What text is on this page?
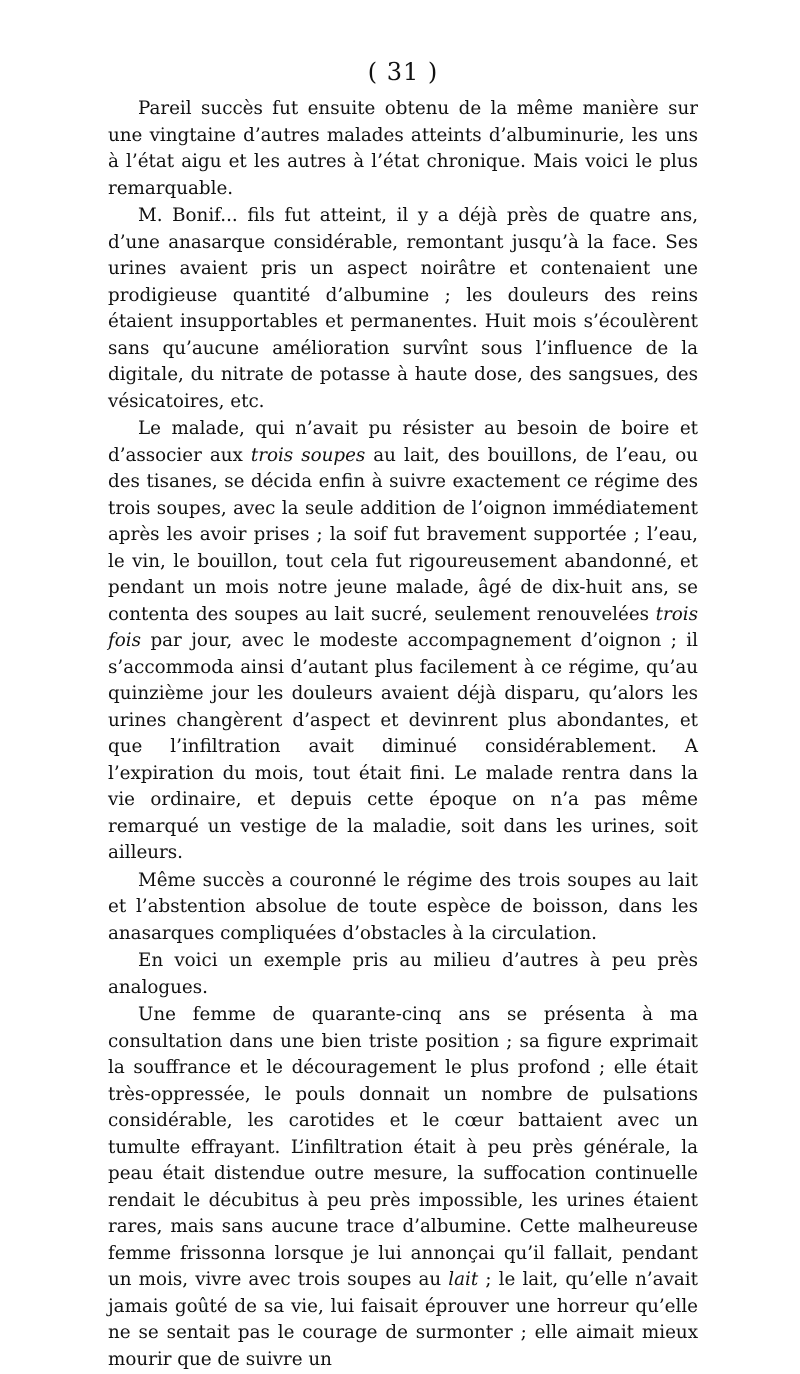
( 31 )

Pareil succès fut ensuite obtenu de la même manière sur une vingtaine d’autres malades atteints d’albuminurie, les uns à l’état aigu et les autres à l’état chronique. Mais voici le plus remarquable.

M. Bonif... fils fut atteint, il y a déjà près de quatre ans, d’une anasarque considérable, remontant jusqu’à la face. Ses urines avaient pris un aspect noirâtre et contenaient une prodigieuse quantité d’albumine ; les douleurs des reins étaient insupportables et permanentes. Huit mois s’écoulèrent sans qu’aucune amélioration survînt sous l’influence de la digitale, du nitrate de potasse à haute dose, des sangsues, des vésicatoires, etc.

Le malade, qui n’avait pu résister au besoin de boire et d’associer aux trois soupes au lait, des bouillons, de l’eau, ou des tisanes, se décida enfin à suivre exactement ce régime des trois soupes, avec la seule addition de l’oignon immédiatement après les avoir prises ; la soif fut bravement supportée ; l’eau, le vin, le bouillon, tout cela fut rigoureusement abandonné, et pendant un mois notre jeune malade, âgé de dix-huit ans, se contenta des soupes au lait sucré, seulement renouvelées trois fois par jour, avec le modeste accompagnement d’oignon ; il s’accommoda ainsi d’autant plus facilement à ce régime, qu’au quinzième jour les douleurs avaient déjà disparu, qu’alors les urines changèrent d’aspect et devinrent plus abondantes, et que l’infiltration avait diminué considérablement. A l’expiration du mois, tout était fini. Le malade rentra dans la vie ordinaire, et depuis cette époque on n’a pas même remarqué un vestige de la maladie, soit dans les urines, soit ailleurs.

Même succès a couronné le régime des trois soupes au lait et l’abstention absolue de toute espèce de boisson, dans les anasarques compliquées d’obstacles à la circulation.

En voici un exemple pris au milieu d’autres à peu près analogues.

Une femme de quarante-cinq ans se présenta à ma consultation dans une bien triste position ; sa figure exprimait la souffrance et le découragement le plus profond ; elle était très-oppressée, le pouls donnait un nombre de pulsations considérable, les carotides et le cœur battaient avec un tumulte effrayant. L’infiltration était à peu près générale, la peau était distendue outre mesure, la suffocation continuelle rendait le décubitus à peu près impossible, les urines étaient rares, mais sans aucune trace d’albumine. Cette malheureuse femme frissonna lorsque je lui annonçai qu’il fallait, pendant un mois, vivre avec trois soupes au lait ; le lait, qu’elle n’avait jamais goûté de sa vie, lui faisait éprouver une horreur qu’elle ne se sentait pas le courage de surmonter ; elle aimait mieux mourir que de suivre un
